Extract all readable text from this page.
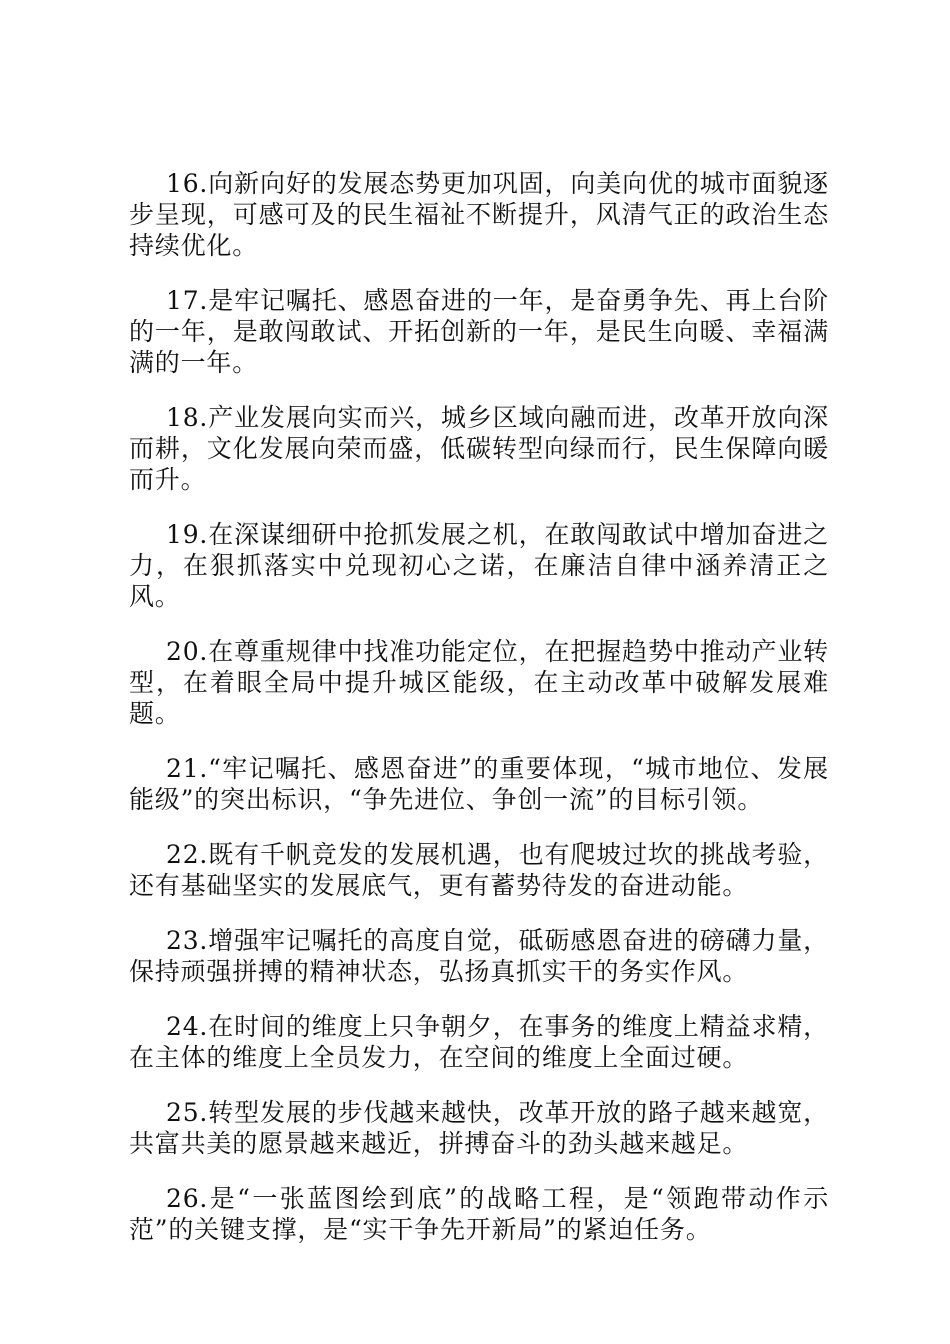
16.向新向好的发展态势更加巩固，向美向优的城市面貌逐步呈现，可感可及的民生福祉不断提升，风清气正的政治生态持续优化。

17.是牢记嘱托、感恩奋进的一年，是奋勇争先、再上台阶的一年，是敢闯敢试、开拓创新的一年，是民生向暖、幸福满满的一年。

18.产业发展向实而兴，城乡区域向融而进，改革开放向深而耕，文化发展向荣而盛，低碳转型向绿而行，民生保障向暖而升。

19.在深谋细研中抢抓发展之机，在敢闯敢试中增加奋进之力，在狠抓落实中兑现初心之诺，在廉洁自律中涵养清正之风。

20.在尊重规律中找准功能定位，在把握趋势中推动产业转型，在着眼全局中提升城区能级，在主动改革中破解发展难题。

21.“牢记嘱托、感恩奋进”的重要体现，“城市地位、发展能级”的突出标识，“争先进位、争创一流”的目标引领。

22.既有千帆竞发的发展机遇，也有爬坡过坎的挑战考验，还有基础坚实的发展底气，更有蓄势待发的奋进动能。

23.增强牢记嘱托的高度自觉，砥砺感恩奋进的磅礴力量，保持顽强拼搏的精神状态，弘扬真抓实干的务实作风。

24.在时间的维度上只争朝夕，在事务的维度上精益求精，在主体的维度上全员发力，在空间的维度上全面过硬。

25.转型发展的步伐越来越快，改革开放的路子越来越宽，共富共美的愿景越来越近，拼搏奋斗的劲头越来越足。

26.是“一张蓝图绘到底”的战略工程，是“领跑带动作示范”的关键支撑，是“实干争先开新局”的紧迫任务。
